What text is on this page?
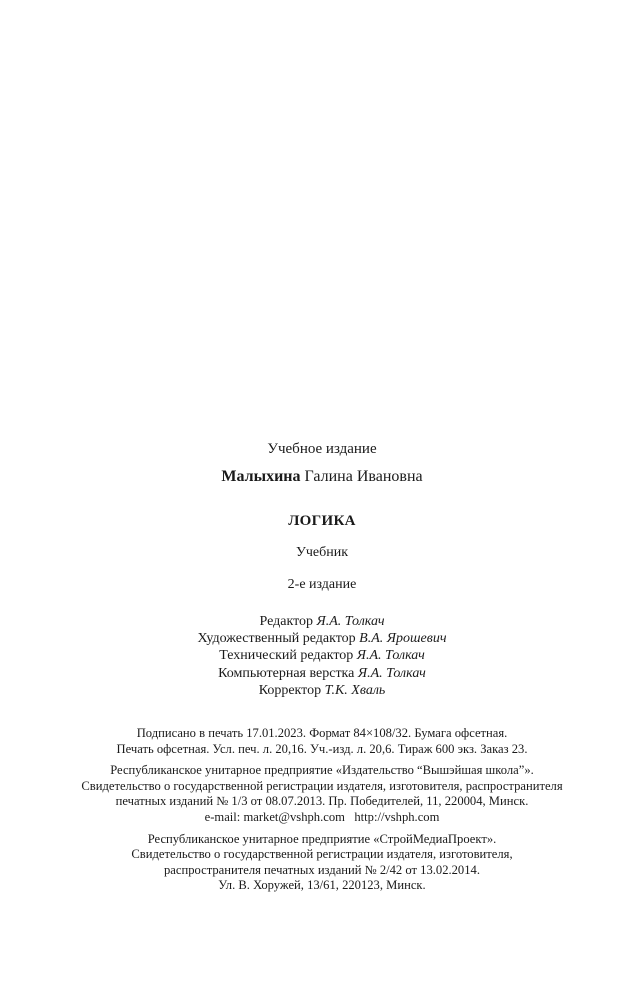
Учебное издание
Малыхина Галина Ивановна
ЛОГИКА
Учебник
2-е издание
Редактор Я.А. Толкач
Художественный редактор В.А. Ярошевич
Технический редактор Я.А. Толкач
Компьютерная верстка Я.А. Толкач
Корректор Т.К. Хваль
Подписано в печать 17.01.2023. Формат 84×108/32. Бумага офсетная.
Печать офсетная. Усл. печ. л. 20,16. Уч.-изд. л. 20,6. Тираж 600 экз. Заказ 23.
Республиканское унитарное предприятие «Издательство “Вышэйшая школа”».
Свидетельство о государственной регистрации издателя, изготовителя, распространителя
печатных изданий № 1/3 от 08.07.2013. Пр. Победителей, 11, 220004, Минск.
e-mail: market@vshph.com   http://vshph.com
Республиканское унитарное предприятие «СтройМедиаПроект».
Свидетельство о государственной регистрации издателя, изготовителя,
распространителя печатных изданий № 2/42 от 13.02.2014.
Ул. В. Хоружей, 13/61, 220123, Минск.
